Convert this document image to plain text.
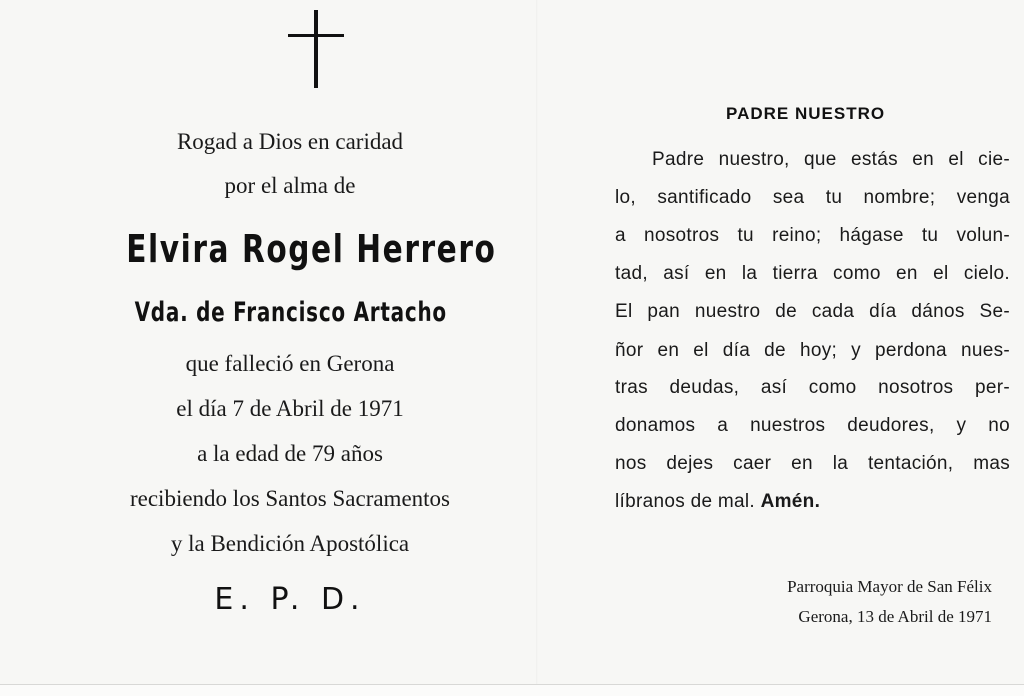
Rogad a Dios en caridad
por el alma de
Elvira Rogel Herrero
Vda. de Francisco Artacho
que falleció en Gerona
el día 7 de Abril de 1971
a la edad de 79 años
recibiendo los Santos Sacramentos
y la Bendición Apostólica
E. P. D.
PADRE NUESTRO
Padre nuestro, que estás en el cie-
lo, santificado sea tu nombre; venga
a nosotros tu reino; hágase tu volun-
tad, así en la tierra como en el cielo.
El pan nuestro de cada día dános Se-
ñor en el día de hoy; y perdona nues-
tras deudas, así como nosotros per-
donamos a nuestros deudores, y no
nos dejes caer en la tentación, mas
líbranos de mal. Amén.
Parroquia Mayor de San Félix
Gerona, 13 de Abril de 1971
